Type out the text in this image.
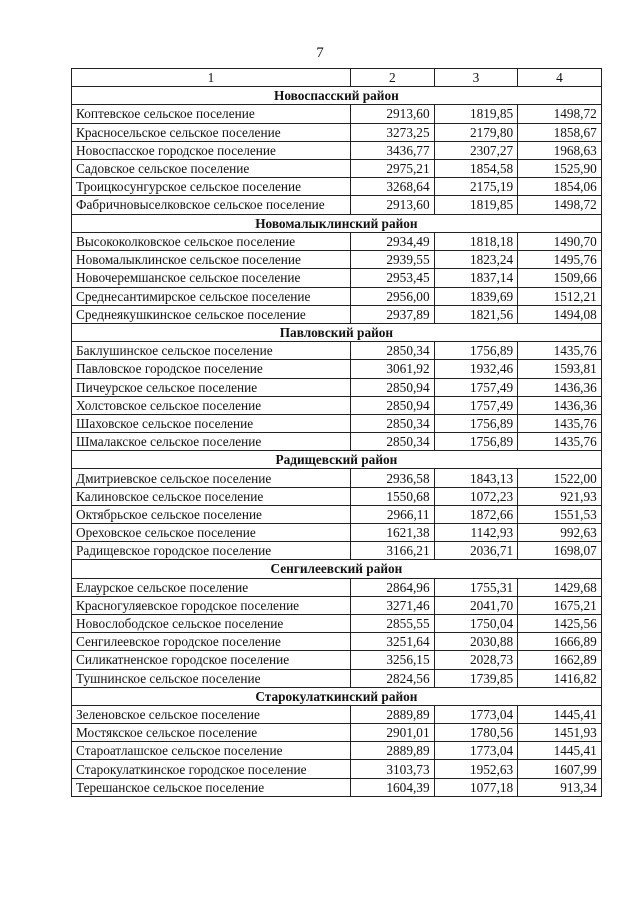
7
1	2	3	4
Новоспасский район			
Коптевское сельское поселение	2913,60	1819,85	1498,72
Краснoсельское сельское поселение	3273,25	2179,80	1858,67
Новоспасское городское поселение	3436,77	2307,27	1968,63
Садовское сельское поселение	2975,21	1854,58	1525,90
Троицкосунгурское сельское поселение	3268,64	2175,19	1854,06
Фабричновыселковское сельское поселение	2913,60	1819,85	1498,72
Новомалыклинский район			
Высококолковское сельское поселение	2934,49	1818,18	1490,70
Новомалыклинское сельское поселение	2939,55	1823,24	1495,76
Новочеремшанское сельское поселение	2953,45	1837,14	1509,66
Среднесантимирское сельское поселение	2956,00	1839,69	1512,21
Среднеякушкинское сельское поселение	2937,89	1821,56	1494,08
Павловский район			
Баклушинское сельское поселение	2850,34	1756,89	1435,76
Павловское городское поселение	3061,92	1932,46	1593,81
Пичеурское сельское поселение	2850,94	1757,49	1436,36
Холстовское сельское поселение	2850,94	1757,49	1436,36
Шаховское сельское поселение	2850,34	1756,89	1435,76
Шмалакское сельское поселение	2850,34	1756,89	1435,76
Радищевский район			
Дмитриевское сельское поселение	2936,58	1843,13	1522,00
Калиновское сельское поселение	1550,68	1072,23	921,93
Октябрьское сельское поселение	2966,11	1872,66	1551,53
Ореховское сельское поселение	1621,38	1142,93	992,63
Радищевское городское поселение	3166,21	2036,71	1698,07
Сенгилеевский район			
Елаурское сельское поселение	2864,96	1755,31	1429,68
Красногуляевское городское поселение	3271,46	2041,70	1675,21
Новослободское сельское поселение	2855,55	1750,04	1425,56
Сенгилеевское городское поселение	3251,64	2030,88	1666,89
Силикатненское городское поселение	3256,15	2028,73	1662,89
Тушнинское сельское поселение	2824,56	1739,85	1416,82
Старокулаткинский район			
Зеленовское сельское поселение	2889,89	1773,04	1445,41
Мостякское сельское поселение	2901,01	1780,56	1451,93
Староатлашское сельское поселение	2889,89	1773,04	1445,41
Старокулаткинское городское поселение	3103,73	1952,63	1607,99
Терешанское сельское поселение	1604,39	1077,18	913,34
